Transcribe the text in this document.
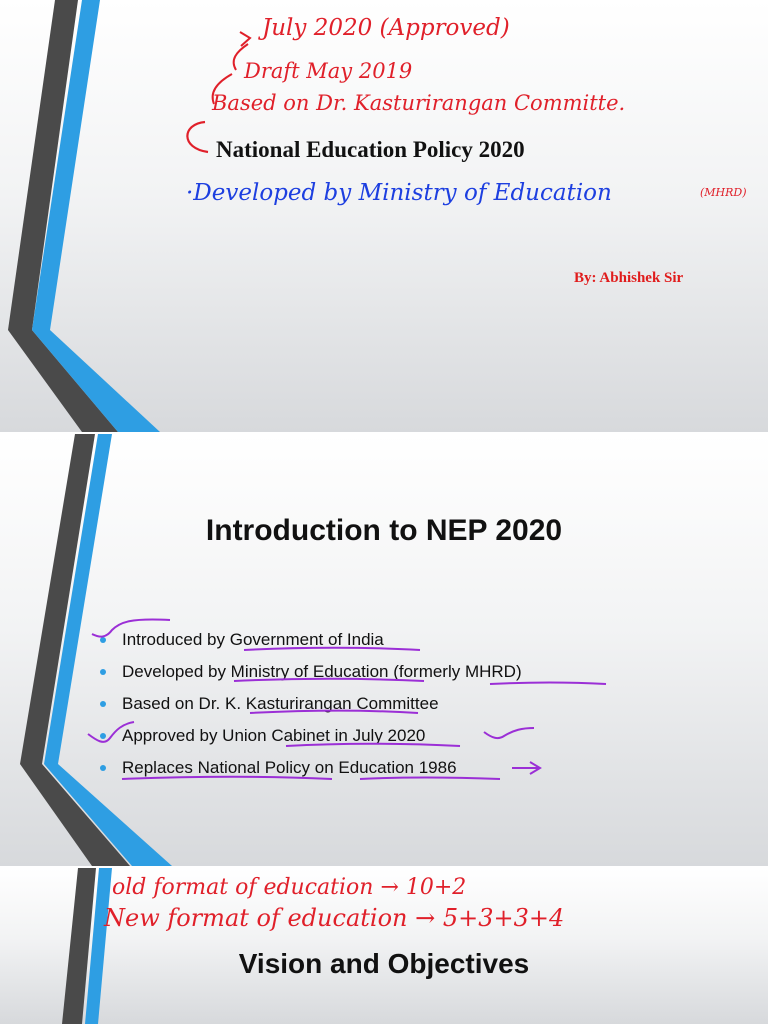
July 2020 (Approved)
Draft May 2019
Based on Dr. Kasturirangan Committe.
·Developed by Ministry of Education	(MHRD)
National Education Policy 2020
By: Abhishek Sir
Introduction to NEP 2020
Introduced by Government of India
Developed by Ministry of Education (formerly MHRD)
Based on Dr. K. Kasturirangan Committee
Approved by Union Cabinet in July 2020
Replaces National Policy on Education 1986
old format of education → 10+2
New format of education → 5+3+3+4
Vision and Objectives
